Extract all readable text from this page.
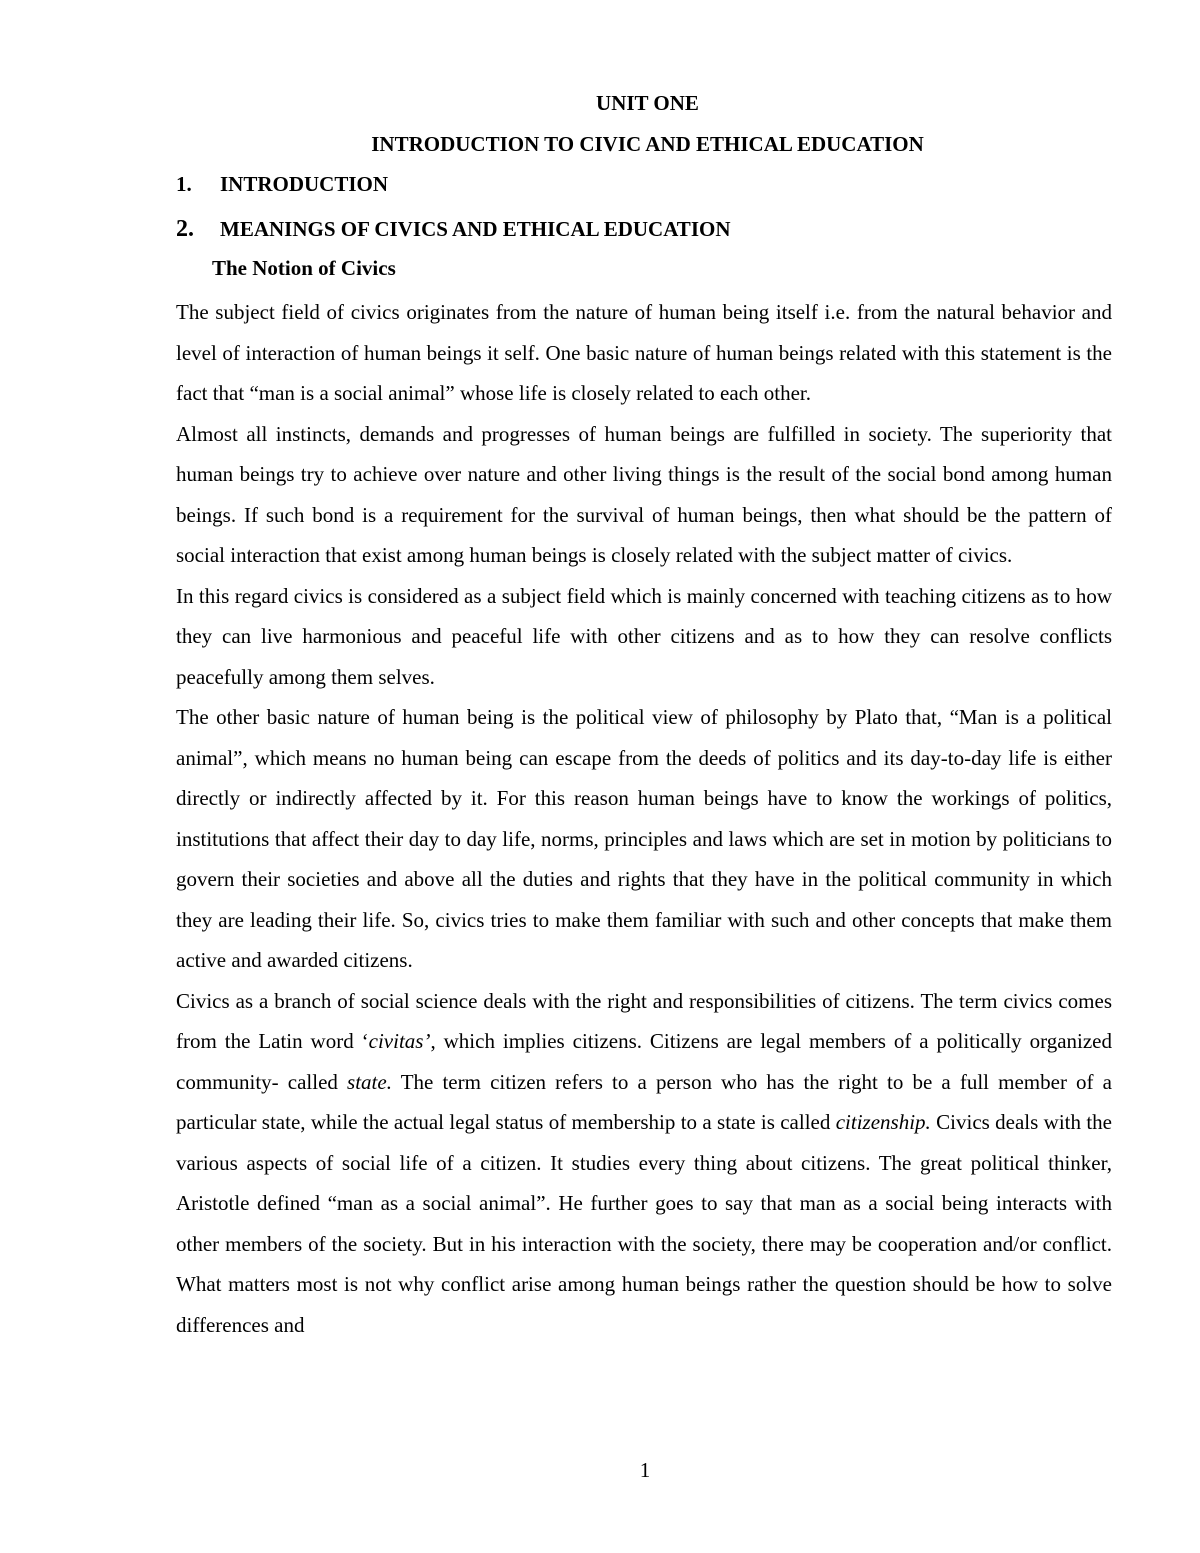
UNIT ONE
INTRODUCTION TO CIVIC AND ETHICAL EDUCATION
1. INTRODUCTION
2. MEANINGS OF CIVICS AND ETHICAL EDUCATION
The Notion of Civics

The subject field of civics originates from the nature of human being itself i.e. from the natural behavior and level of interaction of human beings it self. One basic nature of human beings related with this statement is the fact that “man is a social animal” whose life is closely related to each other.

Almost all instincts, demands and progresses of human beings are fulfilled in society. The superiority that human beings try to achieve over nature and other living things is the result of the social bond among human beings. If such bond is a requirement for the survival of human beings, then what should be the pattern of social interaction that exist among human beings is closely related with the subject matter of civics.

In this regard civics is considered as a subject field which is mainly concerned with teaching citizens as to how they can live harmonious and peaceful life with other citizens and as to how they can resolve conflicts peacefully among them selves.

The other basic nature of human being is the political view of philosophy by Plato that, “Man is a political animal”, which means no human being can escape from the deeds of politics and its day-to-day life is either directly or indirectly affected by it. For this reason human beings have to know the workings of politics, institutions that affect their day to day life, norms, principles and laws which are set in motion by politicians to govern their societies and above all the duties and rights that they have in the political community in which they are leading their life. So, civics tries to make them familiar with such and other concepts that make them active and awarded citizens.

Civics as a branch of social science deals with the right and responsibilities of citizens. The term civics comes from the Latin word ‘civitas’, which implies citizens. Citizens are legal members of a politically organized community- called state. The term citizen refers to a person who has the right to be a full member of a particular state, while the actual legal status of membership to a state is called citizenship. Civics deals with the various aspects of social life of a citizen. It studies every thing about citizens. The great political thinker, Aristotle defined “man as a social animal”. He further goes to say that man as a social being interacts with other members of the society. But in his interaction with the society, there may be cooperation and/or conflict. What matters most is not why conflict arise among human beings rather the question should be how to solve differences and

1
